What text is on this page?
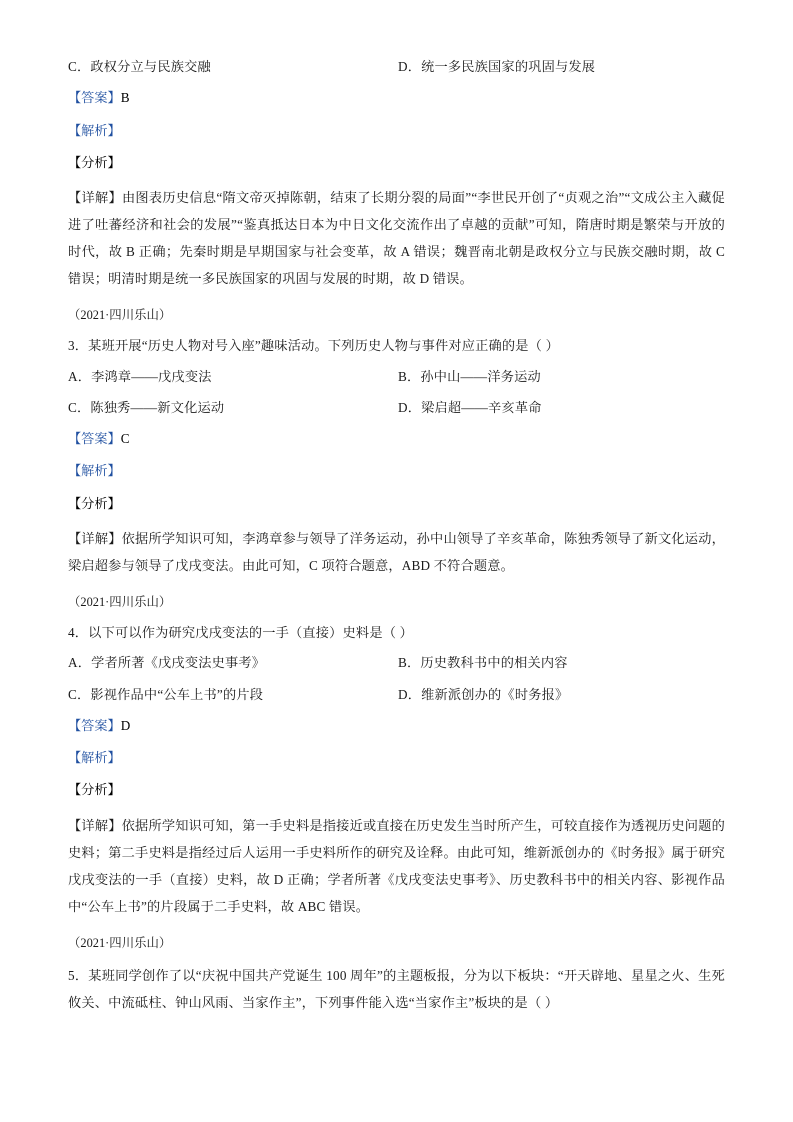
C．政权分立与民族交融	D．统一多民族国家的巩固与发展
【答案】B
【解析】
【分析】
【详解】由图表历史信息“隋文帝灭掉陈朝，结束了长期分裂的局面”“李世民开创了“贞观之治”“文成公主入藏促进了吐蕃经济和社会的发展”“鉴真抵达日本为中日文化交流作出了卓越的贡献”可知，隋唐时期是繁荣与开放的时代，故 B 正确；先秦时期是早期国家与社会变革，故 A 错误；魏晋南北朝是政权分立与民族交融时期，故 C 错误；明清时期是统一多民族国家的巩固与发展的时期，故 D 错误。
（2021·四川乐山）
3．某班开展“历史人物对号入座”趣味活动。下列历史人物与事件对应正确的是（ ）
A．李鸿章——戊戌变法	B．孙中山——洋务运动
C．陈独秀——新文化运动	D．梁启超——辛亥革命
【答案】C
【解析】
【分析】
【详解】依据所学知识可知，李鸿章参与领导了洋务运动，孙中山领导了辛亥革命，陈独秀领导了新文化运动，梁启超参与领导了戊戌变法。由此可知，C 项符合题意，ABD 不符合题意。
（2021·四川乐山）
4．以下可以作为研究戊戌变法的一手（直接）史料是（ ）
A．学者所著《戊戌变法史事考》	B．历史教科书中的相关内容
C．影视作品中“公车上书”的片段	D．维新派创办的《时务报》
【答案】D
【解析】
【分析】
【详解】依据所学知识可知，第一手史料是指接近或直接在历史发生当时所产生，可较直接作为透视历史问题的史料；第二手史料是指经过后人运用一手史料所作的研究及诠释。由此可知，维新派创办的《时务报》属于研究戊戌变法的一手（直接）史料，故 D 正确；学者所著《戊戌变法史事考》、历史教科书中的相关内容、影视作品中“公车上书”的片段属于二手史料，故 ABC 错误。
（2021·四川乐山）
5．某班同学创作了以“庆祝中国共产党诞生 100 周年”的主题板报，分为以下板块：“开天辟地、星星之火、生死攸关、中流砥柱、钟山风雨、当家作主”，下列事件能入选“当家作主”板块的是（ ）
